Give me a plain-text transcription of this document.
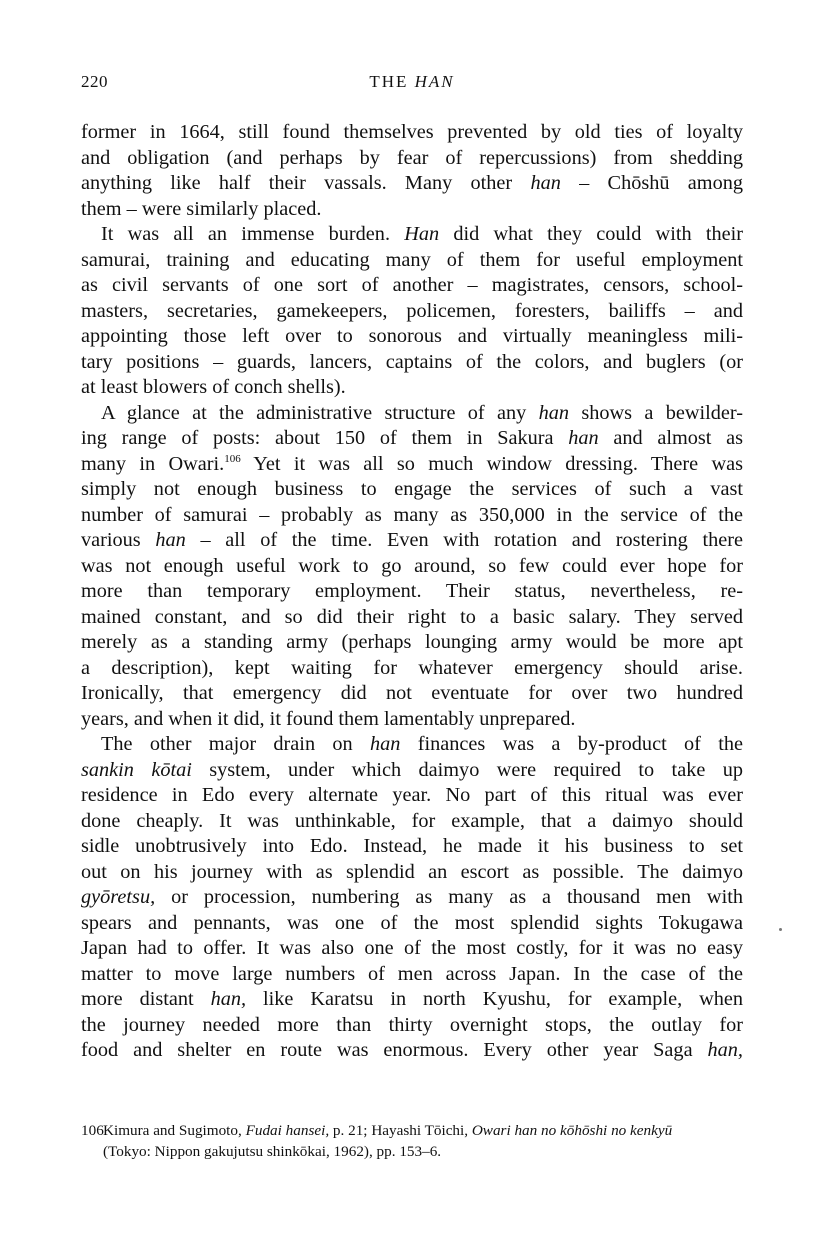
220	THE HAN
former in 1664, still found themselves prevented by old ties of loyalty
and obligation (and perhaps by fear of repercussions) from shedding
anything like half their vassals. Many other han – Chōshū among
them – were similarly placed.
It was all an immense burden. Han did what they could with their
samurai, training and educating many of them for useful employment
as civil servants of one sort of another – magistrates, censors, school-
masters, secretaries, gamekeepers, policemen, foresters, bailiffs – and
appointing those left over to sonorous and virtually meaningless mili-
tary positions – guards, lancers, captains of the colors, and buglers (or
at least blowers of conch shells).
A glance at the administrative structure of any han shows a bewilder-
ing range of posts: about 150 of them in Sakura han and almost as
many in Owari.$^{106}$ Yet it was all so much window dressing. There was
simply not enough business to engage the services of such a vast
number of samurai – probably as many as 350,000 in the service of the
various han – all of the time. Even with rotation and rostering there
was not enough useful work to go around, so few could ever hope for
more than temporary employment. Their status, nevertheless, re-
mained constant, and so did their right to a basic salary. They served
merely as a standing army (perhaps lounging army would be more apt
a description), kept waiting for whatever emergency should arise.
Ironically, that emergency did not eventuate for over two hundred
years, and when it did, it found them lamentably unprepared.
The other major drain on han finances was a by-product of the
sankin kōtai system, under which daimyo were required to take up
residence in Edo every alternate year. No part of this ritual was ever
done cheaply. It was unthinkable, for example, that a daimyo should
sidle unobtrusively into Edo. Instead, he made it his business to set
out on his journey with as splendid an escort as possible. The daimyo
gyōretsu, or procession, numbering as many as a thousand men with
spears and pennants, was one of the most splendid sights Tokugawa
Japan had to offer. It was also one of the most costly, for it was no easy
matter to move large numbers of men across Japan. In the case of the
more distant han, like Karatsu in north Kyushu, for example, when
the journey needed more than thirty overnight stops, the outlay for
food and shelter en route was enormous. Every other year Saga han,
106Kimura and Sugimoto, Fudai hansei, p. 21; Hayashi Tōichi, Owari han no kōhōshi no kenkyū
(Tokyo: Nippon gakujutsu shinkōkai, 1962), pp. 153–6.
